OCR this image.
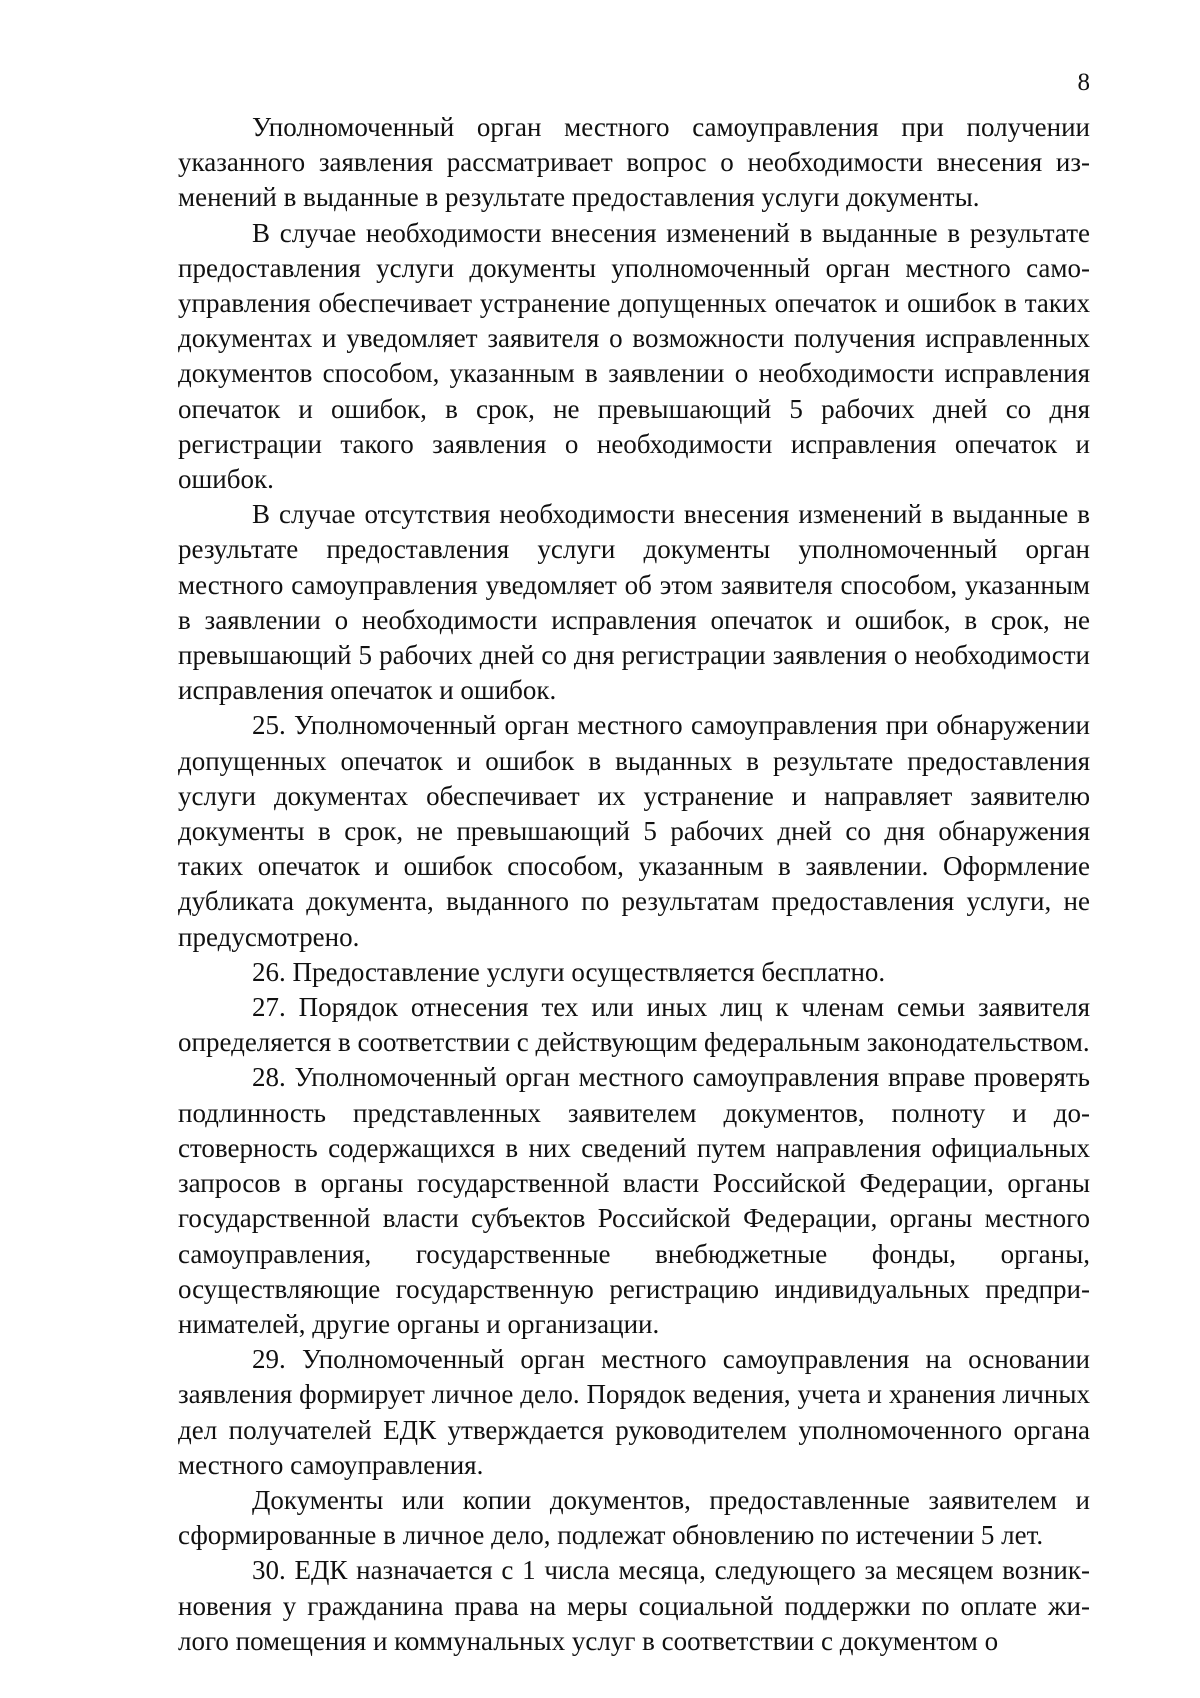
8

Уполномоченный орган местного самоуправления при получении указанного заявления рассматривает вопрос о необходимости внесения изменений в выданные в результате предоставления услуги документы.

В случае необходимости внесения изменений в выданные в результате предоставления услуги документы уполномоченный орган местного самоуправления обеспечивает устранение допущенных опечаток и ошибок в таких документах и уведомляет заявителя о возможности получения исправленных документов способом, указанным в заявлении о необходимости исправления опечаток и ошибок, в срок, не превышающий 5 рабочих дней со дня регистрации такого заявления о необходимости исправления опечаток и ошибок.

В случае отсутствия необходимости внесения изменений в выданные в результате предоставления услуги документы уполномоченный орган местного самоуправления уведомляет об этом заявителя способом, указанным в заявлении о необходимости исправления опечаток и ошибок, в срок, не превышающий 5 рабочих дней со дня регистрации заявления о необходимости исправления опечаток и ошибок.

25. Уполномоченный орган местного самоуправления при обнаружении допущенных опечаток и ошибок в выданных в результате предоставления услуги документах обеспечивает их устранение и направляет заявителю документы в срок, не превышающий 5 рабочих дней со дня обнаружения таких опечаток и ошибок способом, указанным в заявлении. Оформление дубликата документа, выданного по результатам предоставления услуги, не предусмотрено.

26. Предоставление услуги осуществляется бесплатно.

27. Порядок отнесения тех или иных лиц к членам семьи заявителя определяется в соответствии с действующим федеральным законодательством.

28. Уполномоченный орган местного самоуправления вправе проверять подлинность представленных заявителем документов, полноту и достоверность содержащихся в них сведений путем направления официальных запросов в органы государственной власти Российской Федерации, органы государственной власти субъектов Российской Федерации, органы местного самоуправления, государственные внебюджетные фонды, органы, осуществляющие государственную регистрацию индивидуальных предпринимателей, другие органы и организации.

29. Уполномоченный орган местного самоуправления на основании заявления формирует личное дело. Порядок ведения, учета и хранения личных дел получателей ЕДК утверждается руководителем уполномоченного органа местного самоуправления.

Документы или копии документов, предоставленные заявителем и сформированные в личное дело, подлежат обновлению по истечении 5 лет.

30. ЕДК назначается с 1 числа месяца, следующего за месяцем возникновения у гражданина права на меры социальной поддержки по оплате жилого помещения и коммунальных услуг в соответствии с документом о
